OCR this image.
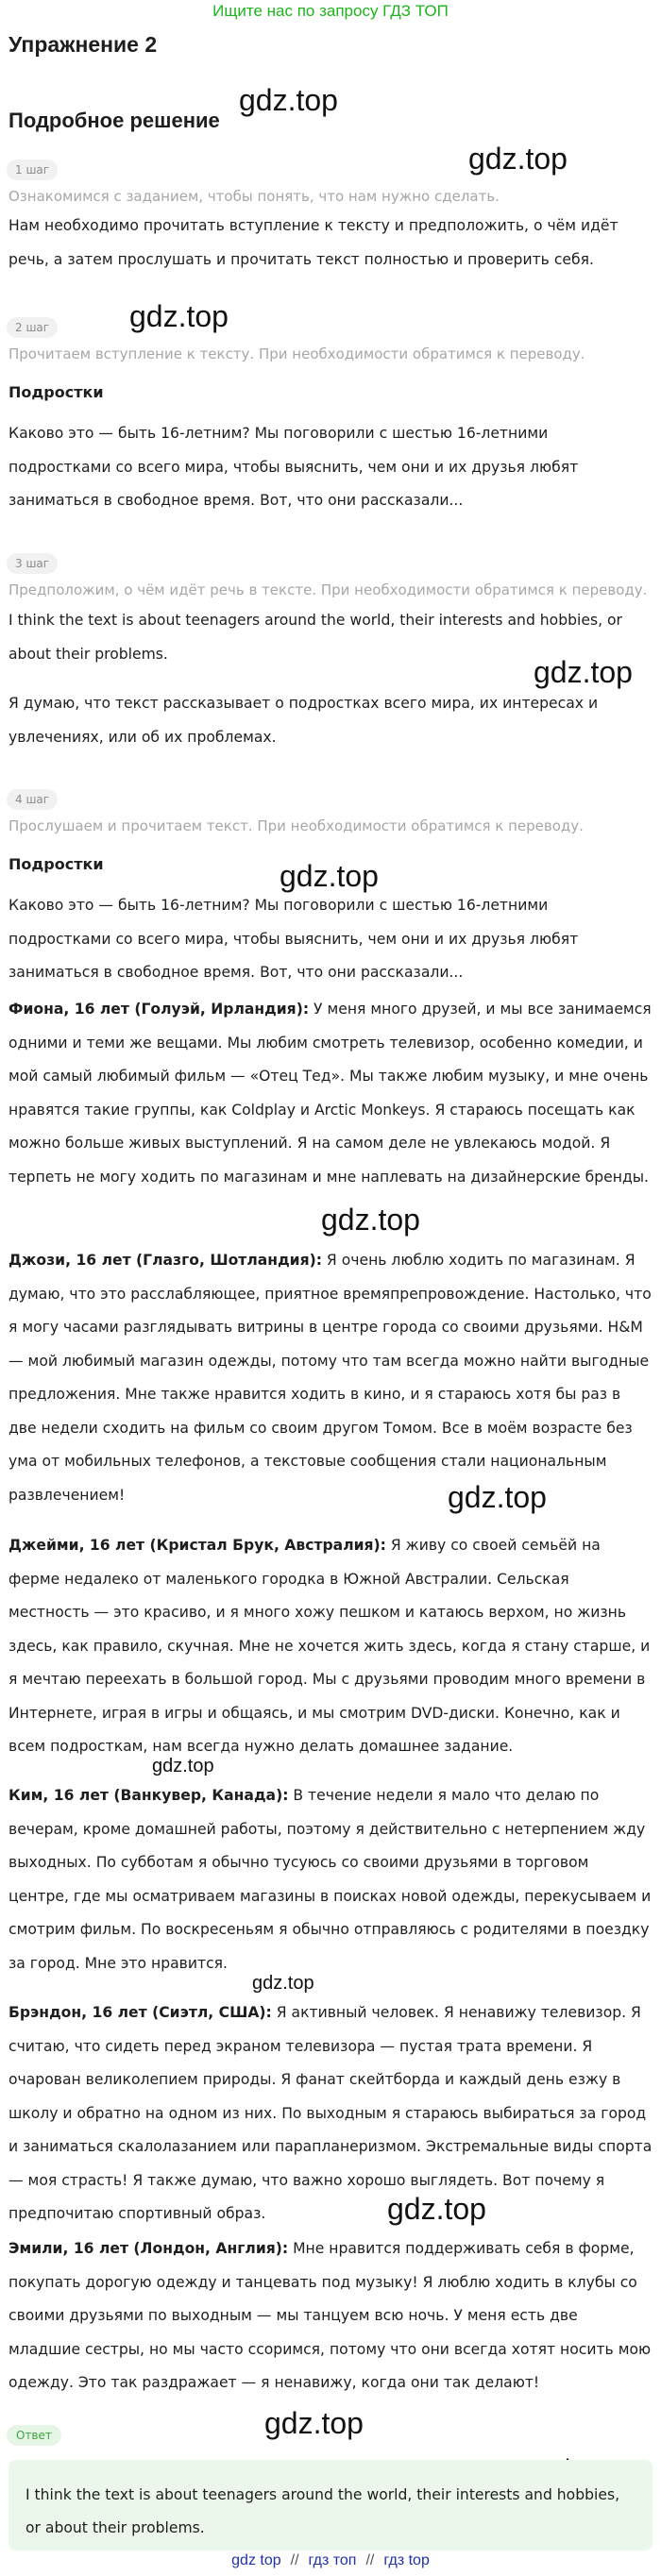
Ищите нас по запросу ГДЗ ТОП
Упражнение 2
Подробное решение
gdz.top
gdz.top
gdz.top
gdz.top
gdz.top
gdz.top
gdz.top
gdz.top
gdz.top
gdz.top
gdz.top
1 шаг
Ознакомимся с заданием, чтобы понять, что нам нужно сделать.
Нам необходимо прочитать вступление к тексту и предположить, о чём идёт речь, а затем прослушать и прочитать текст полностью и проверить себя.
2 шаг
Прочитаем вступление к тексту. При необходимости обратимся к переводу.
Подростки
Каково это — быть 16-летним? Мы поговорили с шестью 16-летними подростками со всего мира, чтобы выяснить, чем они и их друзья любят заниматься в свободное время. Вот, что они рассказали...
3 шаг
Предположим, о чём идёт речь в тексте. При необходимости обратимся к переводу.
I think the text is about teenagers around the world, their interests and hobbies, or about their problems.
Я думаю, что текст рассказывает о подростках всего мира, их интересах и увлечениях, или об их проблемах.
4 шаг
Прослушаем и прочитаем текст. При необходимости обратимся к переводу.
Подростки
Каково это — быть 16-летним? Мы поговорили с шестью 16-летними подростками со всего мира, чтобы выяснить, чем они и их друзья любят заниматься в свободное время. Вот, что они рассказали...
Фиона, 16 лет (Голуэй, Ирландия): У меня много друзей, и мы все занимаемся одними и теми же вещами. Мы любим смотреть телевизор, особенно комедии, и мой самый любимый фильм — «Отец Тед». Мы также любим музыку, и мне очень нравятся такие группы, как Coldplay и Arctic Monkeys. Я стараюсь посещать как можно больше живых выступлений. Я на самом деле не увлекаюсь модой. Я терпеть не могу ходить по магазинам и мне наплевать на дизайнерские бренды.
Джози, 16 лет (Глазго, Шотландия): Я очень люблю ходить по магазинам. Я думаю, что это расслабляющее, приятное времяпрепровождение. Настолько, что я могу часами разглядывать витрины в центре города со своими друзьями. H&M — мой любимый магазин одежды, потому что там всегда можно найти выгодные предложения. Мне также нравится ходить в кино, и я стараюсь хотя бы раз в две недели сходить на фильм со своим другом Томом. Все в моём возрасте без ума от мобильных телефонов, а текстовые сообщения стали национальным развлечением!
Джейми, 16 лет (Кристал Брук, Австралия): Я живу со своей семьёй на ферме недалеко от маленького городка в Южной Австралии. Сельская местность — это красиво, и я много хожу пешком и катаюсь верхом, но жизнь здесь, как правило, скучная. Мне не хочется жить здесь, когда я стану старше, и я мечтаю переехать в большой город. Мы с друзьями проводим много времени в Интернете, играя в игры и общаясь, и мы смотрим DVD-диски. Конечно, как и всем подросткам, нам всегда нужно делать домашнее задание.
Ким, 16 лет (Ванкувер, Канада): В течение недели я мало что делаю по вечерам, кроме домашней работы, поэтому я действительно с нетерпением жду выходных. По субботам я обычно тусуюсь со своими друзьями в торговом центре, где мы осматриваем магазины в поисках новой одежды, перекусываем и смотрим фильм. По воскресеньям я обычно отправляюсь с родителями в поездку за город. Мне это нравится.
Брэндон, 16 лет (Сиэтл, США): Я активный человек. Я ненавижу телевизор. Я считаю, что сидеть перед экраном телевизора — пустая трата времени. Я очарован великолепием природы. Я фанат скейтборда и каждый день езжу в школу и обратно на одном из них. По выходным я стараюсь выбираться за город и заниматься скалолазанием или парапланеризмом. Экстремальные виды спорта — моя страсть! Я также думаю, что важно хорошо выглядеть. Вот почему я предпочитаю спортивный образ.
Эмили, 16 лет (Лондон, Англия): Мне нравится поддерживать себя в форме, покупать дорогую одежду и танцевать под музыку! Я люблю ходить в клубы со своими друзьями по выходным — мы танцуем всю ночь. У меня есть две младшие сестры, но мы часто ссоримся, потому что они всегда хотят носить мою одежду. Это так раздражает — я ненавижу, когда они так делают!
Ответ
I think the text is about teenagers around the world, their interests and hobbies, or about their problems.
gdz top // гдз топ // гдз top
